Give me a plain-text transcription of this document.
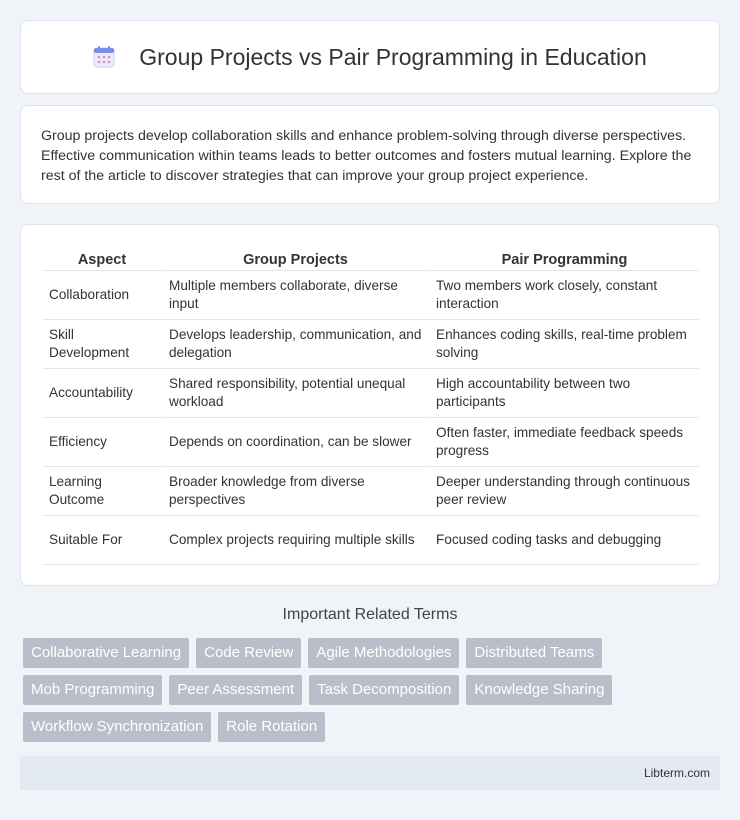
Group Projects vs Pair Programming in Education

Group projects develop collaboration skills and enhance problem-solving through diverse perspectives. Effective communication within teams leads to better outcomes and fosters mutual learning. Explore the rest of the article to discover strategies that can improve your group project experience.

Aspect	Group Projects	Pair Programming
Collaboration	Multiple members collaborate, diverse input	Two members work closely, constant interaction
Skill Development	Develops leadership, communication, and delegation	Enhances coding skills, real-time problem solving
Accountability	Shared responsibility, potential unequal workload	High accountability between two participants
Efficiency	Depends on coordination, can be slower	Often faster, immediate feedback speeds progress
Learning Outcome	Broader knowledge from diverse perspectives	Deeper understanding through continuous peer review
Suitable For	Complex projects requiring multiple skills	Focused coding tasks and debugging
Important Related Terms
Collaborative Learning	Code Review	Agile Methodologies	Distributed Teams
Mob Programming	Peer Assessment	Task Decomposition	Knowledge Sharing
Workflow Synchronization	Role Rotation
Libterm.com
